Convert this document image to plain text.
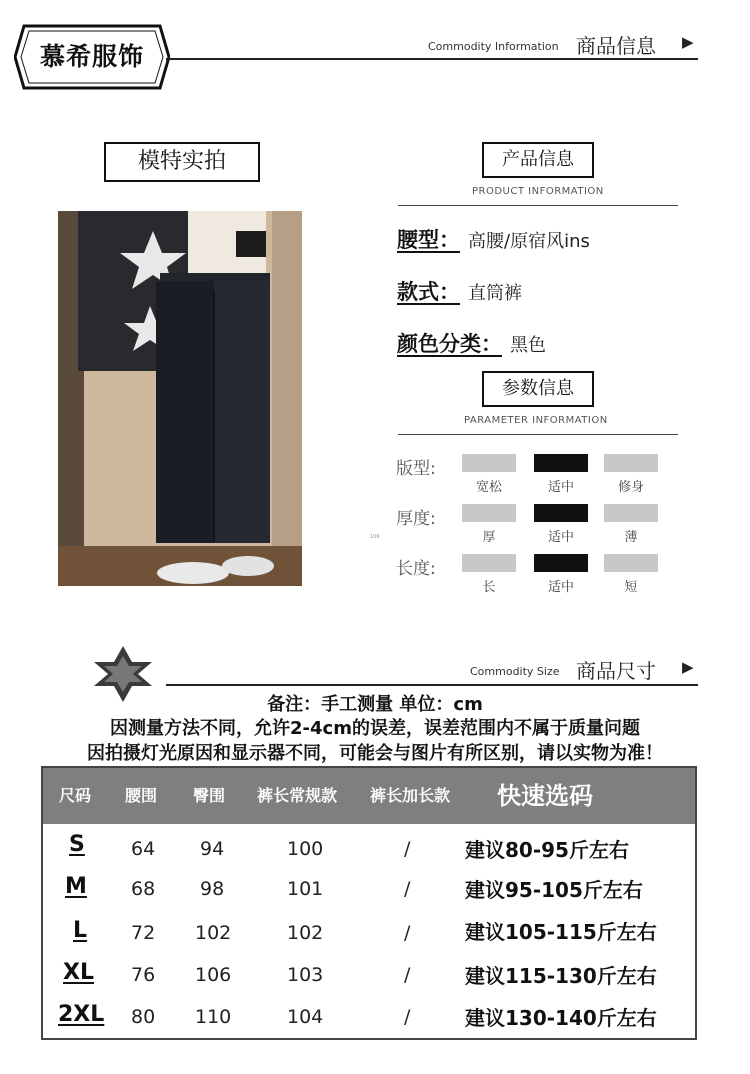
慕希服饰	Commodity Information 商品信息 ▶
模特实拍	产品信息
PRODUCT INFORMATION
腰型： 高腰/原宿风ins
款式： 直筒裤
颜色分类： 黑色
参数信息
PARAMETER INFORMATION
106
版型:
宽松	适中	修身
厚度:
厚	适中	薄
长度:
长	适中	短
Commodity Size 商品尺寸 ▶
备注：手工测量 单位：cm
因测量方法不同，允许2-4cm的误差，误差范围内不属于质量问题
因拍摄灯光原因和显示器不同，可能会与图片有所区别，请以实物为准！
尺码 腰围 臀围 裤长常规款 裤长加长款 快速选码
S 64 94	100	/	建议80-95斤左右
M 68 98	101	/	建议95-105斤左右
L 72 102	102	/	建议105-115斤左右
XL 76 106	103	/	建议115-130斤左右
2XL 80 110	104	/	建议130-140斤左右
